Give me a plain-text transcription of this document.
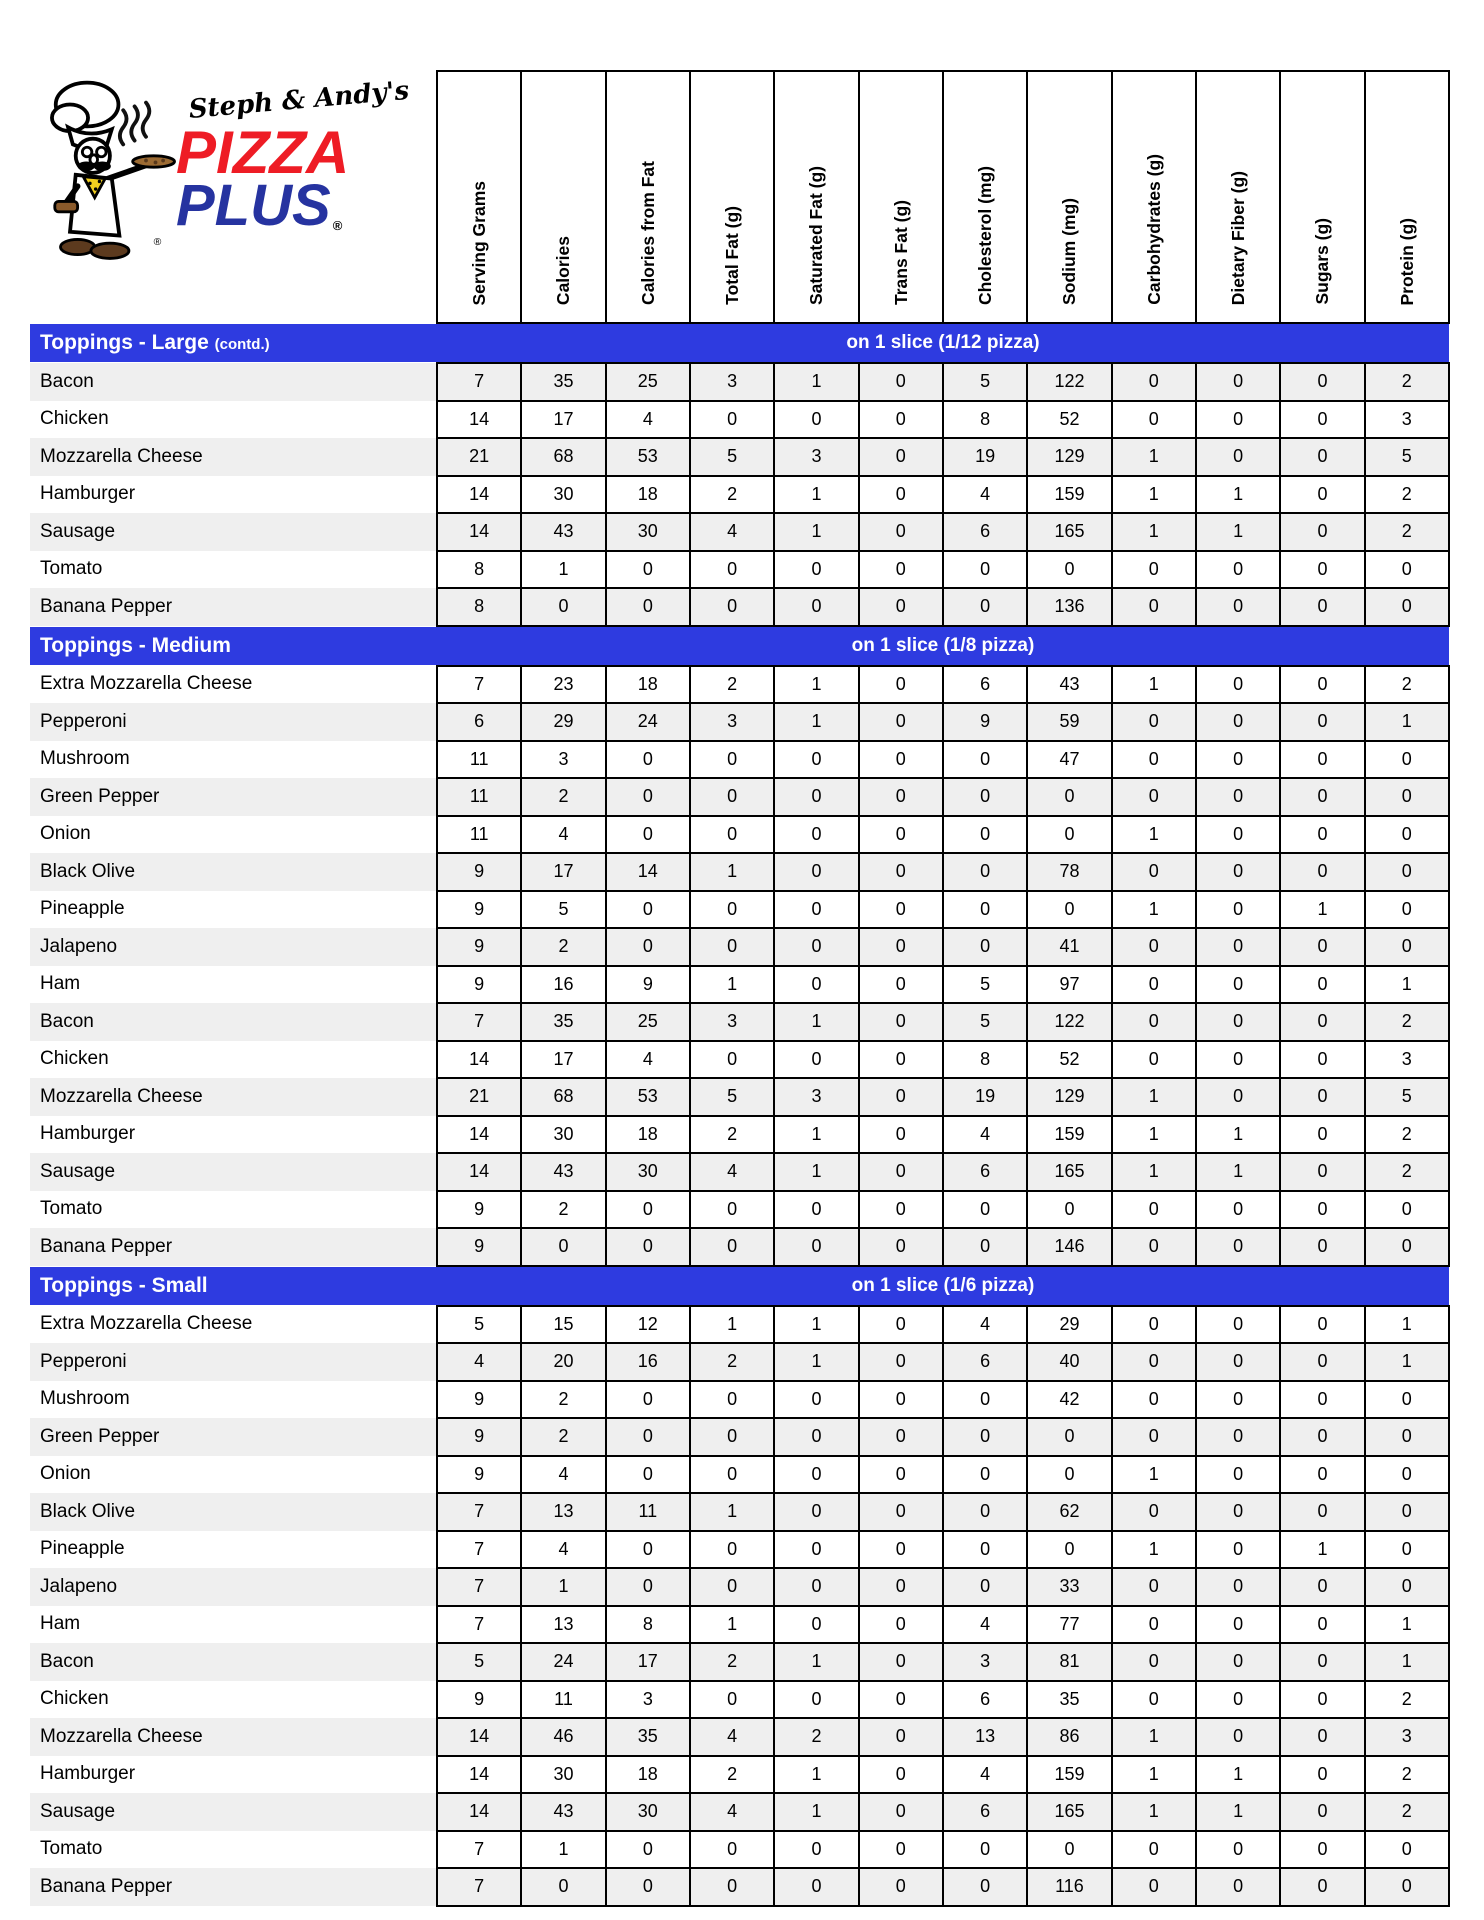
®
Steph & Andy's
PIZZA
PLUS ®	Serving Grams	Calories	Calories from Fat	Total Fat (g)	Saturated Fat (g)	Trans Fat (g)	Cholesterol (mg)	Sodium (mg)	Carbohydrates (g)	Dietary Fiber (g)	Sugars (g)	Protein (g)

Toppings - Large (contd.) on 1 slice (1/12 pizza)												

Bacon	7	35	25	3	1	0	5	122	0	0	0	2
Chicken	14	17	4	0	0	0	8	52	0	0	0	3
Mozzarella Cheese	21	68	53	5	3	0	19	129	1	0	0	5
Hamburger	14	30	18	2	1	0	4	159	1	1	0	2
Sausage	14	43	30	4	1	0	6	165	1	1	0	2
Tomato	8	1	0	0	0	0	0	0	0	0	0	0
Banana Pepper	8	0	0	0	0	0	0	136	0	0	0	0

Toppings - Medium on 1 slice (1/8 pizza)												

Extra Mozzarella Cheese	7	23	18	2	1	0	6	43	1	0	0	2
Pepperoni	6	29	24	3	1	0	9	59	0	0	0	1
Mushroom	11	3	0	0	0	0	0	47	0	0	0	0
Green Pepper	11	2	0	0	0	0	0	0	0	0	0	0
Onion	11	4	0	0	0	0	0	0	1	0	0	0
Black Olive	9	17	14	1	0	0	0	78	0	0	0	0
Pineapple	9	5	0	0	0	0	0	0	1	0	1	0
Jalapeno	9	2	0	0	0	0	0	41	0	0	0	0
Ham	9	16	9	1	0	0	5	97	0	0	0	1
Bacon	7	35	25	3	1	0	5	122	0	0	0	2
Chicken	14	17	4	0	0	0	8	52	0	0	0	3
Mozzarella Cheese	21	68	53	5	3	0	19	129	1	0	0	5
Hamburger	14	30	18	2	1	0	4	159	1	1	0	2
Sausage	14	43	30	4	1	0	6	165	1	1	0	2
Tomato	9	2	0	0	0	0	0	0	0	0	0	0
Banana Pepper	9	0	0	0	0	0	0	146	0	0	0	0

Toppings - Small on 1 slice (1/6 pizza)												

Extra Mozzarella Cheese	5	15	12	1	1	0	4	29	0	0	0	1
Pepperoni	4	20	16	2	1	0	6	40	0	0	0	1
Mushroom	9	2	0	0	0	0	0	42	0	0	0	0
Green Pepper	9	2	0	0	0	0	0	0	0	0	0	0
Onion	9	4	0	0	0	0	0	0	1	0	0	0
Black Olive	7	13	11	1	0	0	0	62	0	0	0	0
Pineapple	7	4	0	0	0	0	0	0	1	0	1	0
Jalapeno	7	1	0	0	0	0	0	33	0	0	0	0
Ham	7	13	8	1	0	0	4	77	0	0	0	1
Bacon	5	24	17	2	1	0	3	81	0	0	0	1
Chicken	9	11	3	0	0	0	6	35	0	0	0	2
Mozzarella Cheese	14	46	35	4	2	0	13	86	1	0	0	3
Hamburger	14	30	18	2	1	0	4	159	1	1	0	2
Sausage	14	43	30	4	1	0	6	165	1	1	0	2
Tomato	7	1	0	0	0	0	0	0	0	0	0	0
Banana Pepper	7	0	0	0	0	0	0	116	0	0	0	0
